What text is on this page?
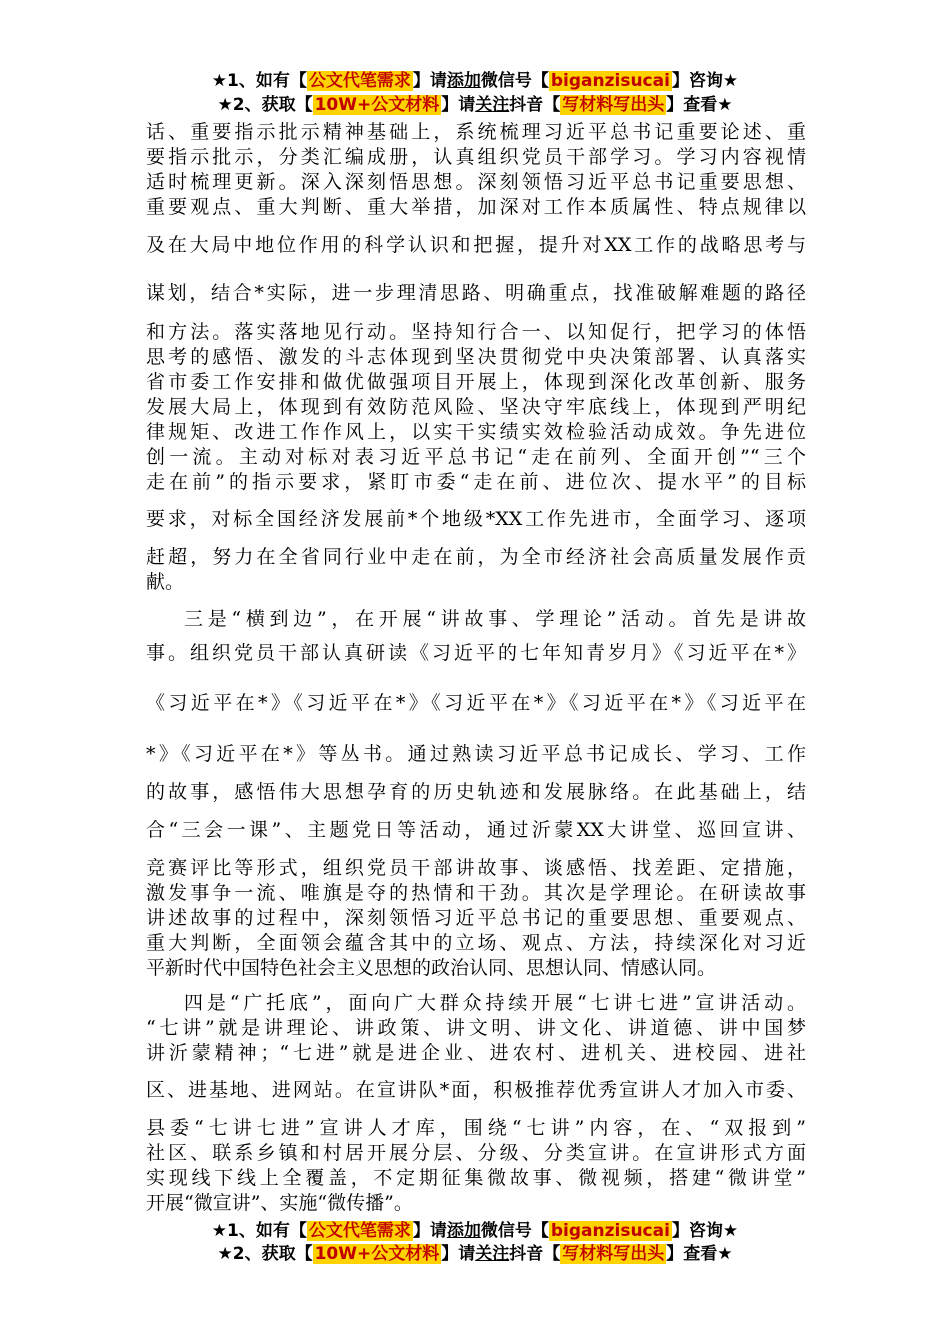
★1、如有【 公文代笔需求 】请添加微信号【 biganzisucai 】咨询★
★2、获取【 10W+公文材料 】请关注抖音【 写材料写出头 】查看★
话、重要指示批示精神基础上，系统梳理习近平总书记重要论述、重
要指示批示，分类汇编成册，认真组织党员干部学习。学习内容视情
适时梳理更新。深入深刻悟思想。深刻领悟习近平总书记重要思想、
重要观点、重大判断、重大举措，加深对工作本质属性、特点规律以
及在大局中地位作用的科学认识和把握，提升对XX工作的战略思考与
谋划，结合*实际，进一步理清思路、明确重点，找准破解难题的路径
和方法。落实落地见行动。坚持知行合一、以知促行，把学习的体悟
思考的感悟、激发的斗志体现到坚决贯彻党中央决策部署、认真落实
省市委工作安排和做优做强项目开展上，体现到深化改革创新、服务
发展大局上，体现到有效防范风险、坚决守牢底线上，体现到严明纪
律规矩、改进工作作风上，以实干实绩实效检验活动成效。争先进位
创一流。主动对标对表习近平总书记“走在前列、全面开创”“三个
走在前”的指示要求，紧盯市委“走在前、进位次、提水平”的目标
要求，对标全国经济发展前*个地级*XX工作先进市，全面学习、逐项
赶超，努力在全省同行业中走在前，为全市经济社会高质量发展作贡
献。
三是“横到边”，在开展“讲故事、学理论”活动。首先是讲故
事。组织党员干部认真研读《习近平的七年知青岁月》《习近平在*》
《习近平在*》《习近平在*》《习近平在*》《习近平在*》《习近平在
*》《习近平在*》等丛书。通过熟读习近平总书记成长、学习、工作
的故事，感悟伟大思想孕育的历史轨迹和发展脉络。在此基础上，结
合“三会一课”、主题党日等活动，通过沂蒙XX大讲堂、巡回宣讲、
竞赛评比等形式，组织党员干部讲故事、谈感悟、找差距、定措施，
激发事争一流、唯旗是夺的热情和干劲。其次是学理论。在研读故事
讲述故事的过程中，深刻领悟习近平总书记的重要思想、重要观点、
重大判断，全面领会蕴含其中的立场、观点、方法，持续深化对习近
平新时代中国特色社会主义思想的政治认同、思想认同、情感认同。
四是“广托底”，面向广大群众持续开展“七讲七进”宣讲活动。
“七讲”就是讲理论、讲政策、讲文明、讲文化、讲道德、讲中国梦
讲沂蒙精神；“七进”就是进企业、进农村、进机关、进校园、进社
区、进基地、进网站。在宣讲队*面，积极推荐优秀宣讲人才加入市委、
县委“七讲七进”宣讲人才库，围绕“七讲”内容，在、“双报到”
社区、联系乡镇和村居开展分层、分级、分类宣讲。在宣讲形式方面
实现线下线上全覆盖，不定期征集微故事、微视频，搭建“微讲堂”
开展“微宣讲”、实施“微传播”。
★1、如有【 公文代笔需求 】请添加微信号【 biganzisucai 】咨询★
★2、获取【 10W+公文材料 】请关注抖音【 写材料写出头 】查看★
